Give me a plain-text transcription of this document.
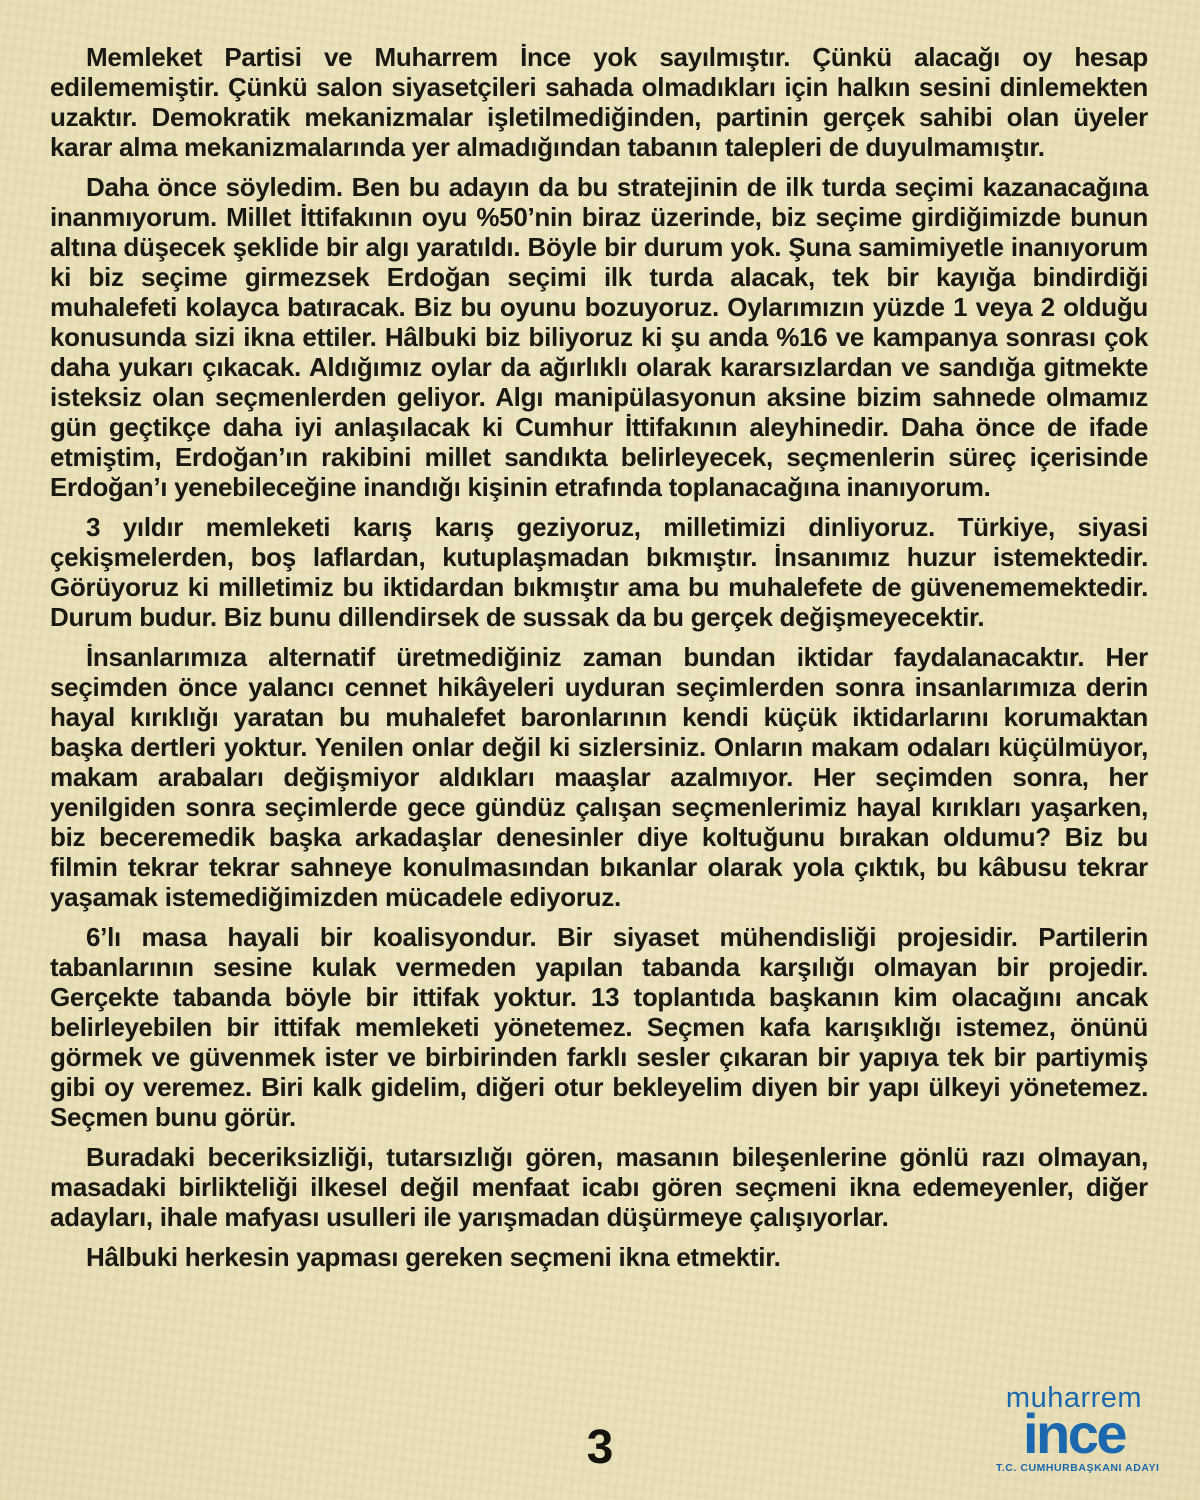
Memleket Partisi ve Muharrem İnce yok sayılmıştır. Çünkü alacağı oy hesap edilememiştir. Çünkü salon siyasetçileri sahada olmadıkları için halkın sesini dinlemekten uzaktır. Demokratik mekanizmalar işletilmediğinden, partinin gerçek sahibi olan üyeler karar alma mekanizmalarında yer almadığından tabanın talepleri de duyulmamıştır.

Daha önce söyledim. Ben bu adayın da bu stratejinin de ilk turda seçimi kazanacağına inanmıyorum. Millet İttifakının oyu %50’nin biraz üzerinde, biz seçime girdiğimizde bunun altına düşecek şeklide bir algı yaratıldı. Böyle bir durum yok. Şuna samimiyetle inanıyorum ki biz seçime girmezsek Erdoğan seçimi ilk turda alacak, tek bir kayığa bindirdiği muhalefeti kolayca batıracak. Biz bu oyunu bozuyoruz. Oylarımızın yüzde 1 veya 2 olduğu konusunda sizi ikna ettiler. Hâlbuki biz biliyoruz ki şu anda %16 ve kampanya sonrası çok daha yukarı çıkacak. Aldığımız oylar da ağırlıklı olarak kararsızlardan ve sandığa gitmekte isteksiz olan seçmenlerden geliyor. Algı manipülasyonun aksine bizim sahnede olmamız gün geçtikçe daha iyi anlaşılacak ki Cumhur İttifakının aleyhinedir. Daha önce de ifade etmiştim, Erdoğan’ın rakibini millet sandıkta belirleyecek, seçmenlerin süreç içerisinde Erdoğan’ı yenebileceğine inandığı kişinin etrafında toplanacağına inanıyorum.

3 yıldır memleketi karış karış geziyoruz, milletimizi dinliyoruz. Türkiye, siyasi çekişmelerden, boş laflardan, kutuplaşmadan bıkmıştır. İnsanımız huzur istemektedir. Görüyoruz ki milletimiz bu iktidardan bıkmıştır ama bu muhalefete de güvenememektedir. Durum budur. Biz bunu dillendirsek de sussak da bu gerçek değişmeyecektir.

İnsanlarımıza alternatif üretmediğiniz zaman bundan iktidar faydalanacaktır. Her seçimden önce yalancı cennet hikâyeleri uyduran seçimlerden sonra insanlarımıza derin hayal kırıklığı yaratan bu muhalefet baronlarının kendi küçük iktidarlarını korumaktan başka dertleri yoktur. Yenilen onlar değil ki sizlersiniz. Onların makam odaları küçülmüyor, makam arabaları değişmiyor aldıkları maaşlar azalmıyor. Her seçimden sonra, her yenilgiden sonra seçimlerde gece gündüz çalışan seçmenlerimiz hayal kırıkları yaşarken, biz beceremedik başka arkadaşlar denesinler diye koltuğunu bırakan oldumu? Biz bu filmin tekrar tekrar sahneye konulmasından bıkanlar olarak yola çıktık, bu kâbusu tekrar yaşamak istemediğimizden mücadele ediyoruz.

6’lı masa hayali bir koalisyondur. Bir siyaset mühendisliği projesidir. Partilerin tabanlarının sesine kulak vermeden yapılan tabanda karşılığı olmayan bir projedir. Gerçekte tabanda böyle bir ittifak yoktur. 13 toplantıda başkanın kim olacağını ancak belirleyebilen bir ittifak memleketi yönetemez. Seçmen kafa karışıklığı istemez, önünü görmek ve güvenmek ister ve birbirinden farklı sesler çıkaran bir yapıya tek bir partiymiş gibi oy veremez. Biri kalk gidelim, diğeri otur bekleyelim diyen bir yapı ülkeyi yönetemez. Seçmen bunu görür.

Buradaki beceriksizliği, tutarsızlığı gören, masanın bileşenlerine gönlü razı olmayan, masadaki birlikteliği ilkesel değil menfaat icabı gören seçmeni ikna edemeyenler, diğer adayları, ihale mafyası usulleri ile yarışmadan düşürmeye çalışıyorlar.

Hâlbuki herkesin yapması gereken seçmeni ikna etmektir.

3
muharrem
ince
T.C. CUMHURBAŞKANI ADAYI
